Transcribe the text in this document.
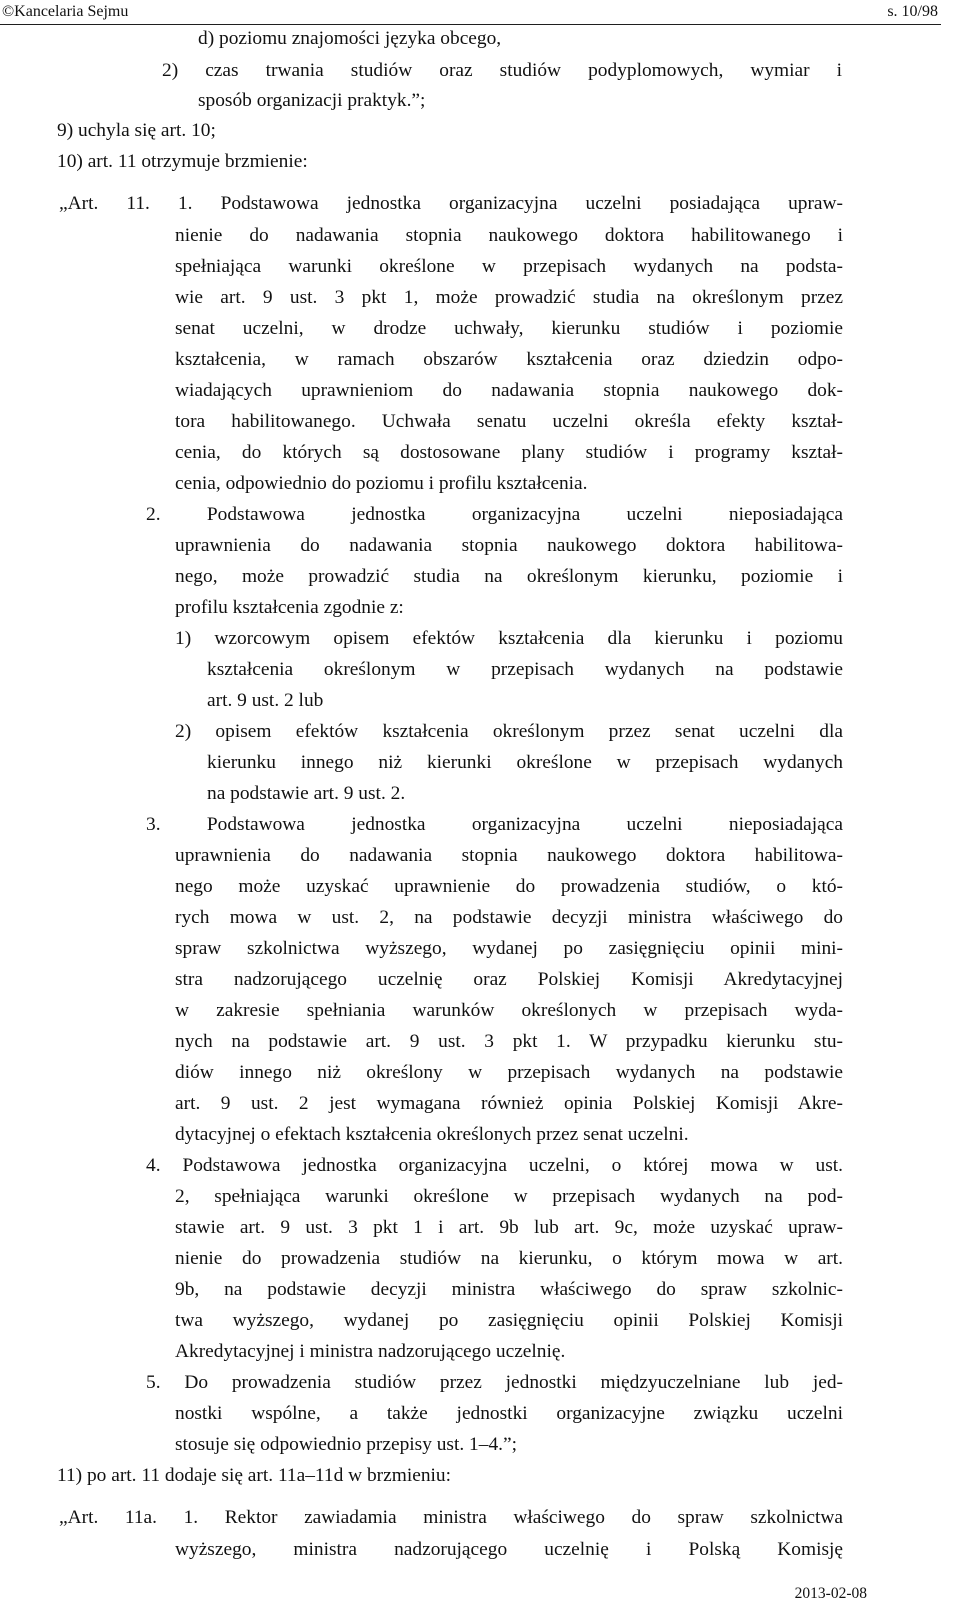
©Kancelaria Sejmu	s. 10/98

d) poziomu znajomości języka obcego,

2) czas trwania studiów oraz studiów podyplomowych, wymiar i

sposób organizacji praktyk.”;

9) uchyla się art. 10;

10) art. 11 otrzymuje brzmienie:

„Art. 11. 1. Podstawowa jednostka organizacyjna uczelni posiadająca upraw-

nienie do nadawania stopnia naukowego doktora habilitowanego i

spełniająca warunki określone w przepisach wydanych na podsta-

wie art. 9 ust. 3 pkt 1, może prowadzić studia na określonym przez

senat uczelni, w drodze uchwały, kierunku studiów i poziomie

kształcenia, w ramach obszarów kształcenia oraz dziedzin odpo-

wiadających uprawnieniom do nadawania stopnia naukowego dok-

tora habilitowanego. Uchwała senatu uczelni określa efekty kształ-

cenia, do których są dostosowane plany studiów i programy kształ-

cenia, odpowiednio do poziomu i profilu kształcenia.

2. Podstawowa jednostka organizacyjna uczelni nieposiadająca

uprawnienia do nadawania stopnia naukowego doktora habilitowa-

nego, może prowadzić studia na określonym kierunku, poziomie i

profilu kształcenia zgodnie z:

1) wzorcowym opisem efektów kształcenia dla kierunku i poziomu

kształcenia określonym w przepisach wydanych na podstawie

art. 9 ust. 2 lub

2) opisem efektów kształcenia określonym przez senat uczelni dla

kierunku innego niż kierunki określone w przepisach wydanych

na podstawie art. 9 ust. 2.

3. Podstawowa jednostka organizacyjna uczelni nieposiadająca

uprawnienia do nadawania stopnia naukowego doktora habilitowa-

nego może uzyskać uprawnienie do prowadzenia studiów, o któ-

rych mowa w ust. 2, na podstawie decyzji ministra właściwego do

spraw szkolnictwa wyższego, wydanej po zasięgnięciu opinii mini-

stra nadzorującego uczelnię oraz Polskiej Komisji Akredytacyjnej

w zakresie spełniania warunków określonych w przepisach wyda-

nych na podstawie art. 9 ust. 3 pkt 1. W przypadku kierunku stu-

diów innego niż określony w przepisach wydanych na podstawie

art. 9 ust. 2 jest wymagana również opinia Polskiej Komisji Akre-

dytacyjnej o efektach kształcenia określonych przez senat uczelni.

4. Podstawowa jednostka organizacyjna uczelni, o której mowa w ust.

2, spełniająca warunki określone w przepisach wydanych na pod-

stawie art. 9 ust. 3 pkt 1 i art. 9b lub art. 9c, może uzyskać upraw-

nienie do prowadzenia studiów na kierunku, o którym mowa w art.

9b, na podstawie decyzji ministra właściwego do spraw szkolnic-

twa wyższego, wydanej po zasięgnięciu opinii Polskiej Komisji

Akredytacyjnej i ministra nadzorującego uczelnię.

5. Do prowadzenia studiów przez jednostki międzyuczelniane lub jed-

nostki wspólne, a także jednostki organizacyjne związku uczelni

stosuje się odpowiednio przepisy ust. 1–4.”;

11) po art. 11 dodaje się art. 11a–11d w brzmieniu:

„Art. 11a. 1. Rektor zawiadamia ministra właściwego do spraw szkolnictwa

wyższego, ministra nadzorującego uczelnię i Polską Komisję

2013-02-08
